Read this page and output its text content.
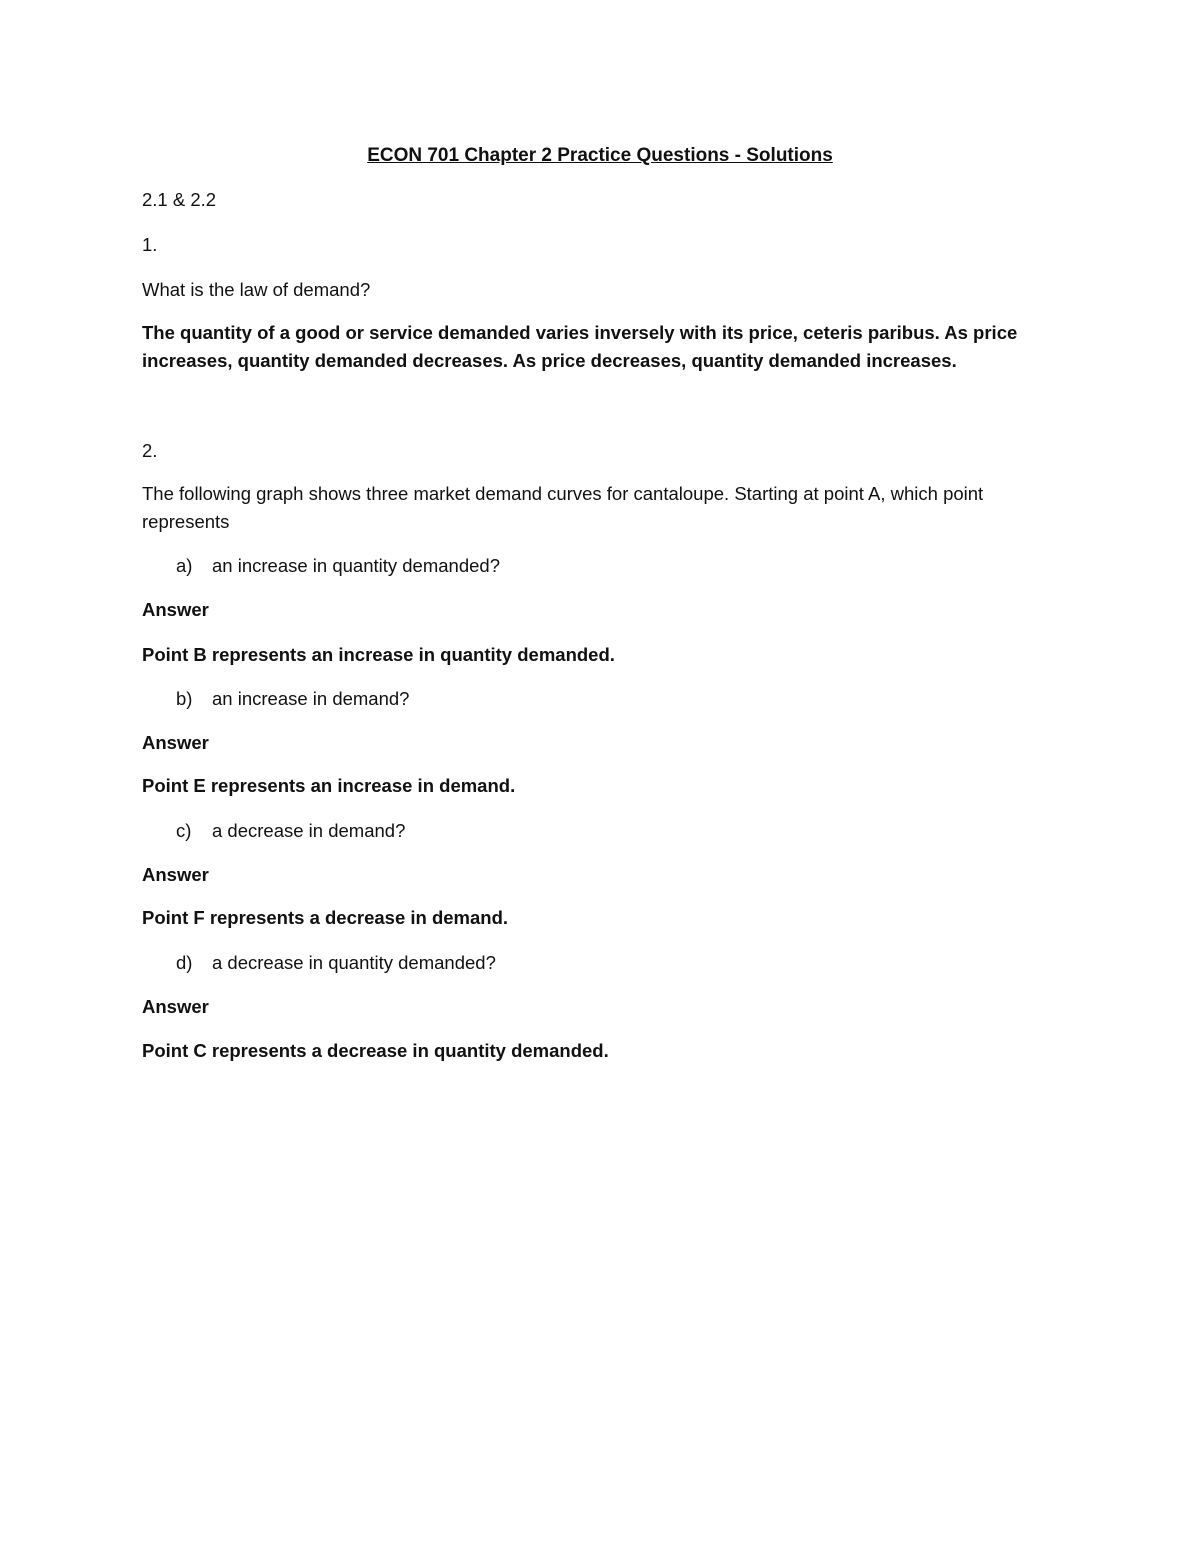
ECON 701 Chapter 2 Practice Questions - Solutions
2.1 & 2.2
1.
What is the law of demand?
The quantity of a good or service demanded varies inversely with its price, ceteris paribus. As price
increases, quantity demanded decreases. As price decreases, quantity demanded increases.
2.
The following graph shows three market demand curves for cantaloupe. Starting at point A, which point
represents
a) an increase in quantity demanded?
Answer
Point B represents an increase in quantity demanded.
b) an increase in demand?
Answer
Point E represents an increase in demand.
c) a decrease in demand?
Answer
Point F represents a decrease in demand.
d) a decrease in quantity demanded?
Answer
Point C represents a decrease in quantity demanded.
